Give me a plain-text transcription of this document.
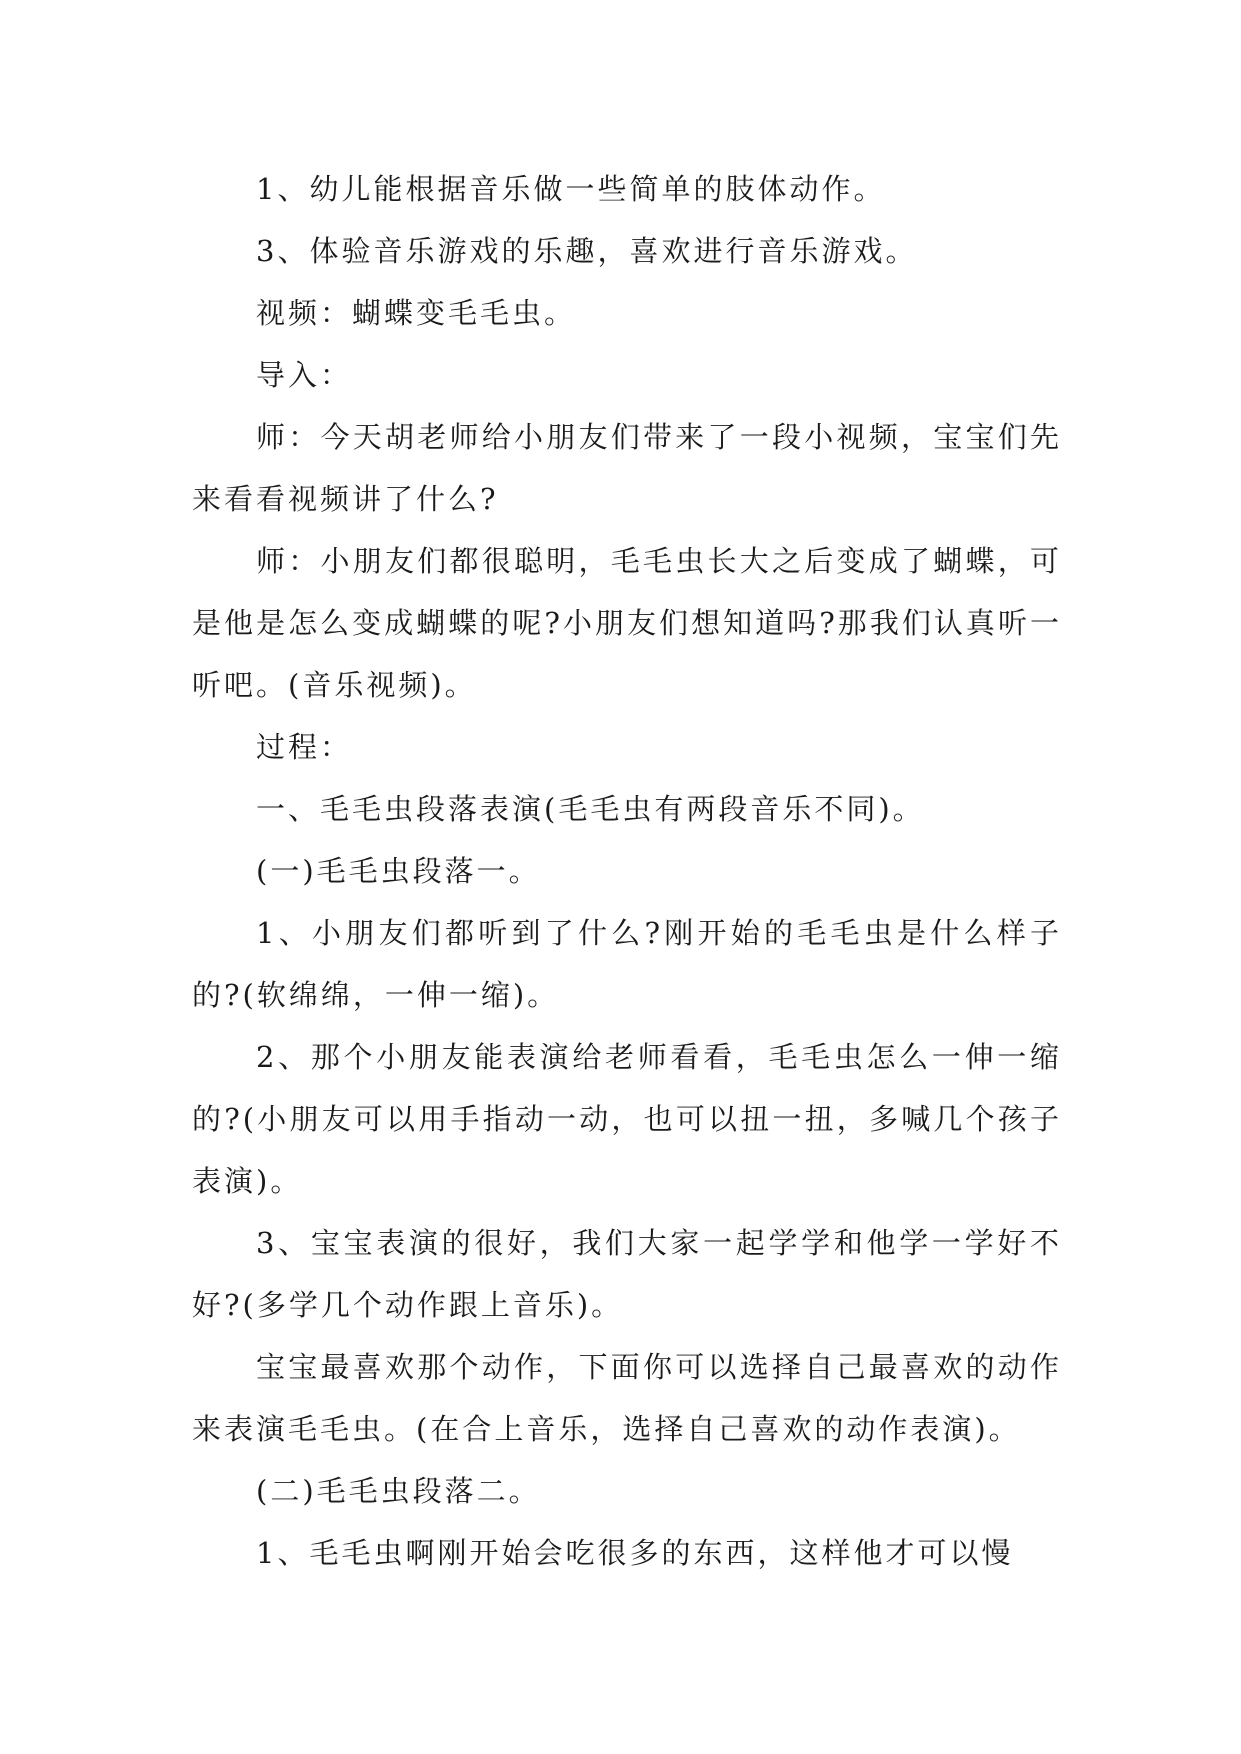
1、幼儿能根据音乐做一些简单的肢体动作。

3、体验音乐游戏的乐趣，喜欢进行音乐游戏。

视频：蝴蝶变毛毛虫。

导入：

师：今天胡老师给小朋友们带来了一段小视频，宝宝们先来看看视频讲了什么?

师：小朋友们都很聪明，毛毛虫长大之后变成了蝴蝶，可是他是怎么变成蝴蝶的呢?小朋友们想知道吗?那我们认真听一听吧。(音乐视频)。

过程：

一、毛毛虫段落表演(毛毛虫有两段音乐不同)。

(一)毛毛虫段落一。

1、小朋友们都听到了什么?刚开始的毛毛虫是什么样子的?(软绵绵，一伸一缩)。

2、那个小朋友能表演给老师看看，毛毛虫怎么一伸一缩的?(小朋友可以用手指动一动，也可以扭一扭，多喊几个孩子表演)。

3、宝宝表演的很好，我们大家一起学学和他学一学好不好?(多学几个动作跟上音乐)。

宝宝最喜欢那个动作，下面你可以选择自己最喜欢的动作来表演毛毛虫。(在合上音乐，选择自己喜欢的动作表演)。

(二)毛毛虫段落二。

1、毛毛虫啊刚开始会吃很多的东西，这样他才可以慢
